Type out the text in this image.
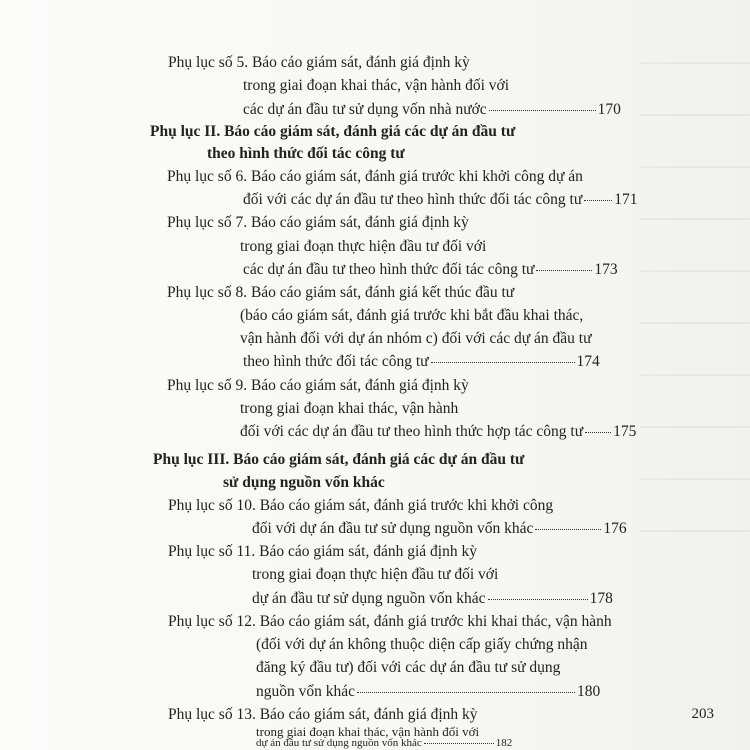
Phụ lục số 5. Báo cáo giám sát, đánh giá định kỳ
trong giai đoạn khai thác, vận hành đối với
các dự án đầu tư sử dụng vốn nhà nước	170
Phụ lục II. Báo cáo giám sát, đánh giá các dự án đầu tư
theo hình thức đối tác công tư
Phụ lục số 6. Báo cáo giám sát, đánh giá trước khi khởi công dự án
đối với các dự án đầu tư theo hình thức đối tác công tư 171
Phụ lục số 7. Báo cáo giám sát, đánh giá định kỳ
trong giai đoạn thực hiện đầu tư đối với
các dự án đầu tư theo hình thức đối tác công tư	173
Phụ lục số 8. Báo cáo giám sát, đánh giá kết thúc đầu tư
(báo cáo giám sát, đánh giá trước khi bắt đầu khai thác,
vận hành đối với dự án nhóm c) đối với các dự án đầu tư
theo hình thức đối tác công tư	174
Phụ lục số 9. Báo cáo giám sát, đánh giá định kỳ
trong giai đoạn khai thác, vận hành
đối với các dự án đầu tư theo hình thức hợp tác công tư 175
Phụ lục III. Báo cáo giám sát, đánh giá các dự án đầu tư
sử dụng nguồn vốn khác
Phụ lục số 10. Báo cáo giám sát, đánh giá trước khi khởi công
đối với dự án đầu tư sử dụng nguồn vốn khác	176
Phụ lục số 11. Báo cáo giám sát, đánh giá định kỳ
trong giai đoạn thực hiện đầu tư đối với
dự án đầu tư sử dụng nguồn vốn khác	178
Phụ lục số 12. Báo cáo giám sát, đánh giá trước khi khai thác, vận hành
(đối với dự án không thuộc diện cấp giấy chứng nhận
đăng ký đầu tư) đối với các dự án đầu tư sử dụng
nguồn vốn khác	180
Phụ lục số 13. Báo cáo giám sát, đánh giá định kỳ
trong giai đoạn khai thác, vận hành đối với
dự án đầu tư sử dụng nguồn vốn khác	182
203
